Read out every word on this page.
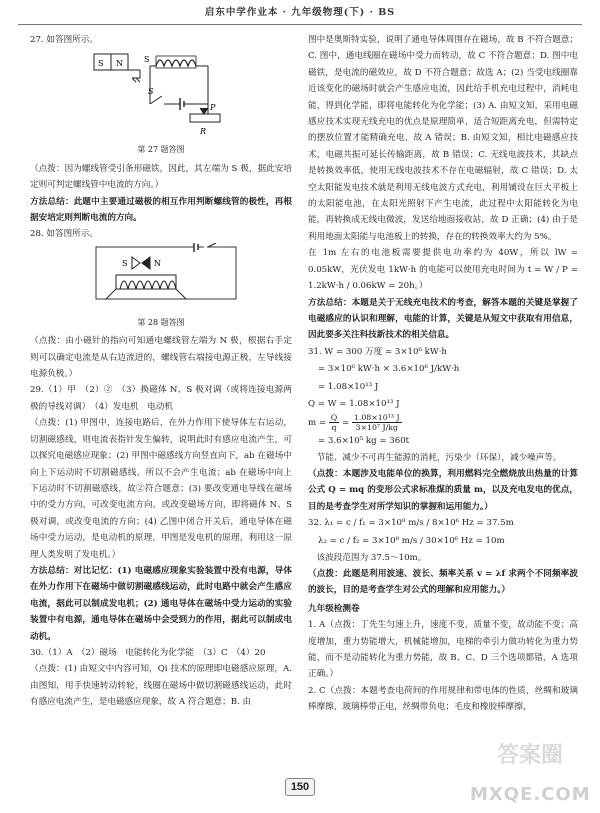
启东中学作业本 · 九年级物理(下) · BS

27. 如答图所示。

S N	S
S
P
R
第 27 题答图

（点拨：因为螺线管受引条形磁铁，因此，其左端为 S 极，据此安培定则可判定螺线管中电流的方向。）

方法总结：此题中主要通过磁极的相互作用判断螺线管的极性，再根据安培定则判断电流的方向。

28. 如答图所示。

S	N
第 28 题答图

（点拨：由小磁针的指向可知通电螺线管左端为 N 极，根据右手定则可以确定电流是从右边流进的，螺线管右端接电源正极，左导线接电源负极。）

29.（1）甲　（2）②　（3）换磁体 N、S 极对调（或将连接电源两极的导线对调）　（4）发电机　电动机

（点拨：(1) 甲图中，连接电路后，在外力作用下使导体左右运动，切割磁感线，则电流表指针发生偏转，说明此时有感应电流产生，可以探究电磁感应现象；(2) 甲图中磁感线方向竖直向下，ab 在磁场中向上下运动时不切割磁感线，所以不会产生电流；ab 在磁场中向上下运动时不切割磁感线，故②符合题意；(3) 要改变通电导线在磁场中的受力方向，可改变电流方向，或改变磁场方向，即将磁体 N、S 极对调，或改变电流的方向；(4) 乙图中闭合开关后，通电导体在磁场中受力运动，是电动机的原理，甲图是发电机的原理，利用这一原理人类发明了发电机。）

方法总结：对比记忆：(1) 电磁感应现象实验装置中没有电源，导体在外力作用下在磁场中做切割磁感线运动，此时电路中就会产生感应电流，据此可以制成发电机；(2) 通电导体在磁场中受力运动的实验装置中有电源，通电导体在磁场中会受到力的作用，据此可以制成电动机。

30.（1）A　（2）磁场　电能转化为化学能　（3）C　（4）20

（点拨：(1) 由短文中内容可知，Qi 技术的原理即电磁感应原理，A. 由图知，用手快速转动转轮，线圈在磁场中做切割磁感线运动，此时有感应电流产生，是电磁感应现象，故 A 符合题意；B. 由

图中是奥斯特实验，说明了通电导体周围存在磁场，故 B 不符合题意；C. 图中，通电线圈在磁场中受力而转动，故 C 不符合题意；D. 图中电磁铁，是电流的磁效应，故 D 不符合题意；故选 A；(2) 当受电线圈靠近该变化的磁场时就会产生感应电流，因此给手机充电过程中，消耗电能，得到化学能，即将电能转化为化学能；(3) A. 由短文知，采用电磁感应技术实现无线充电的优点是原理简单，适合短距离充电，但需特定的摆放位置才能精确充电，故 A 错误；B. 由短文知，相比电磁感应技术，电磁共振可延长传输距离，故 B 错误；C. 无线电波技术，其缺点是转换效率低，使用无线电波技术不存在电磁辐射，故 C 错误；D. 太空太阳能发电技术就是利用无线电波方式充电，利用铺设在巨大平板上的太阳能电池，在太阳光照射下产生电流，此过程中太阳能转化为电能，再转换成无线电微波，发送给地面接收站，故 D 正确；(4) 由于是利用地面太阳能与电池板上的转换，存在的转换效率大约为 5%。

在 1m 左右的电池板需要提供电功率约为 40W，所以 lW = 0.05kW，光伏发电 1kW·h 的电能可以使用充电时间为 t = W / P = 1.2kW·h / 0.06kW = 20h。）

方法总结：本题是关于无线充电技术的考查，解答本题的关键是掌握了电磁感应的认识和理解，电能的计算，关键是从短文中获取有用信息，因此要多关注科技新技术的相关信息。

31. W = 300 万度 = 3×10⁶ kW·h

= 3×10⁶ kW·h × 3.6×10⁶ J/kW·h

= 1.08×10¹³ J

Q = W = 1.08×10¹³ J

$m = \frac{Q}{q} = \frac{\text{1.08×10¹³ J}}{\text{3×10⁷ J/kg}}$

= 3.6×10⁵ kg = 360t

节能、减少不可再生能源的消耗，污染少（环保），减少噪声等。

（点拨：本题涉及电能单位的换算，利用燃料完全燃烧放出热量的计算公式 Q = mq 的变形公式求标准煤的质量 m，以及充电发电的优点，目的是考查学生对所学知识的掌握和运用能力。）

32. λ₁ = c / f₁ = 3×10⁸ m/s / 8×10⁶ Hz = 37.5m

λ₂ = c / f₂ = 3×10⁸ m/s / 30×10⁶ Hz = 10m

该波段范围为 37.5～10m。

（点拨：此题是利用波速、波长、频率关系 v = λf 求两个不同频率波的波长，目的是考查学生对公式的理解和应用能力。）

九年级检测卷

1. A（点拨：丁先生匀速上升，速度不变，质量不变，故动能不变；高度增加，重力势能增大，机械能增加，电梯的牵引力做功转化为重力势能，而不是动能转化为重力势能，故 B、C、D 三个选项都错，A 选项正确。）

2. C（点拨：本题考查电荷间的作用规律和带电体的性质，丝绸和玻璃棒摩擦，玻璃棒带正电，丝绸带负电；毛皮和橡胶棒摩擦，

150
答案圈
MXQE.COM
